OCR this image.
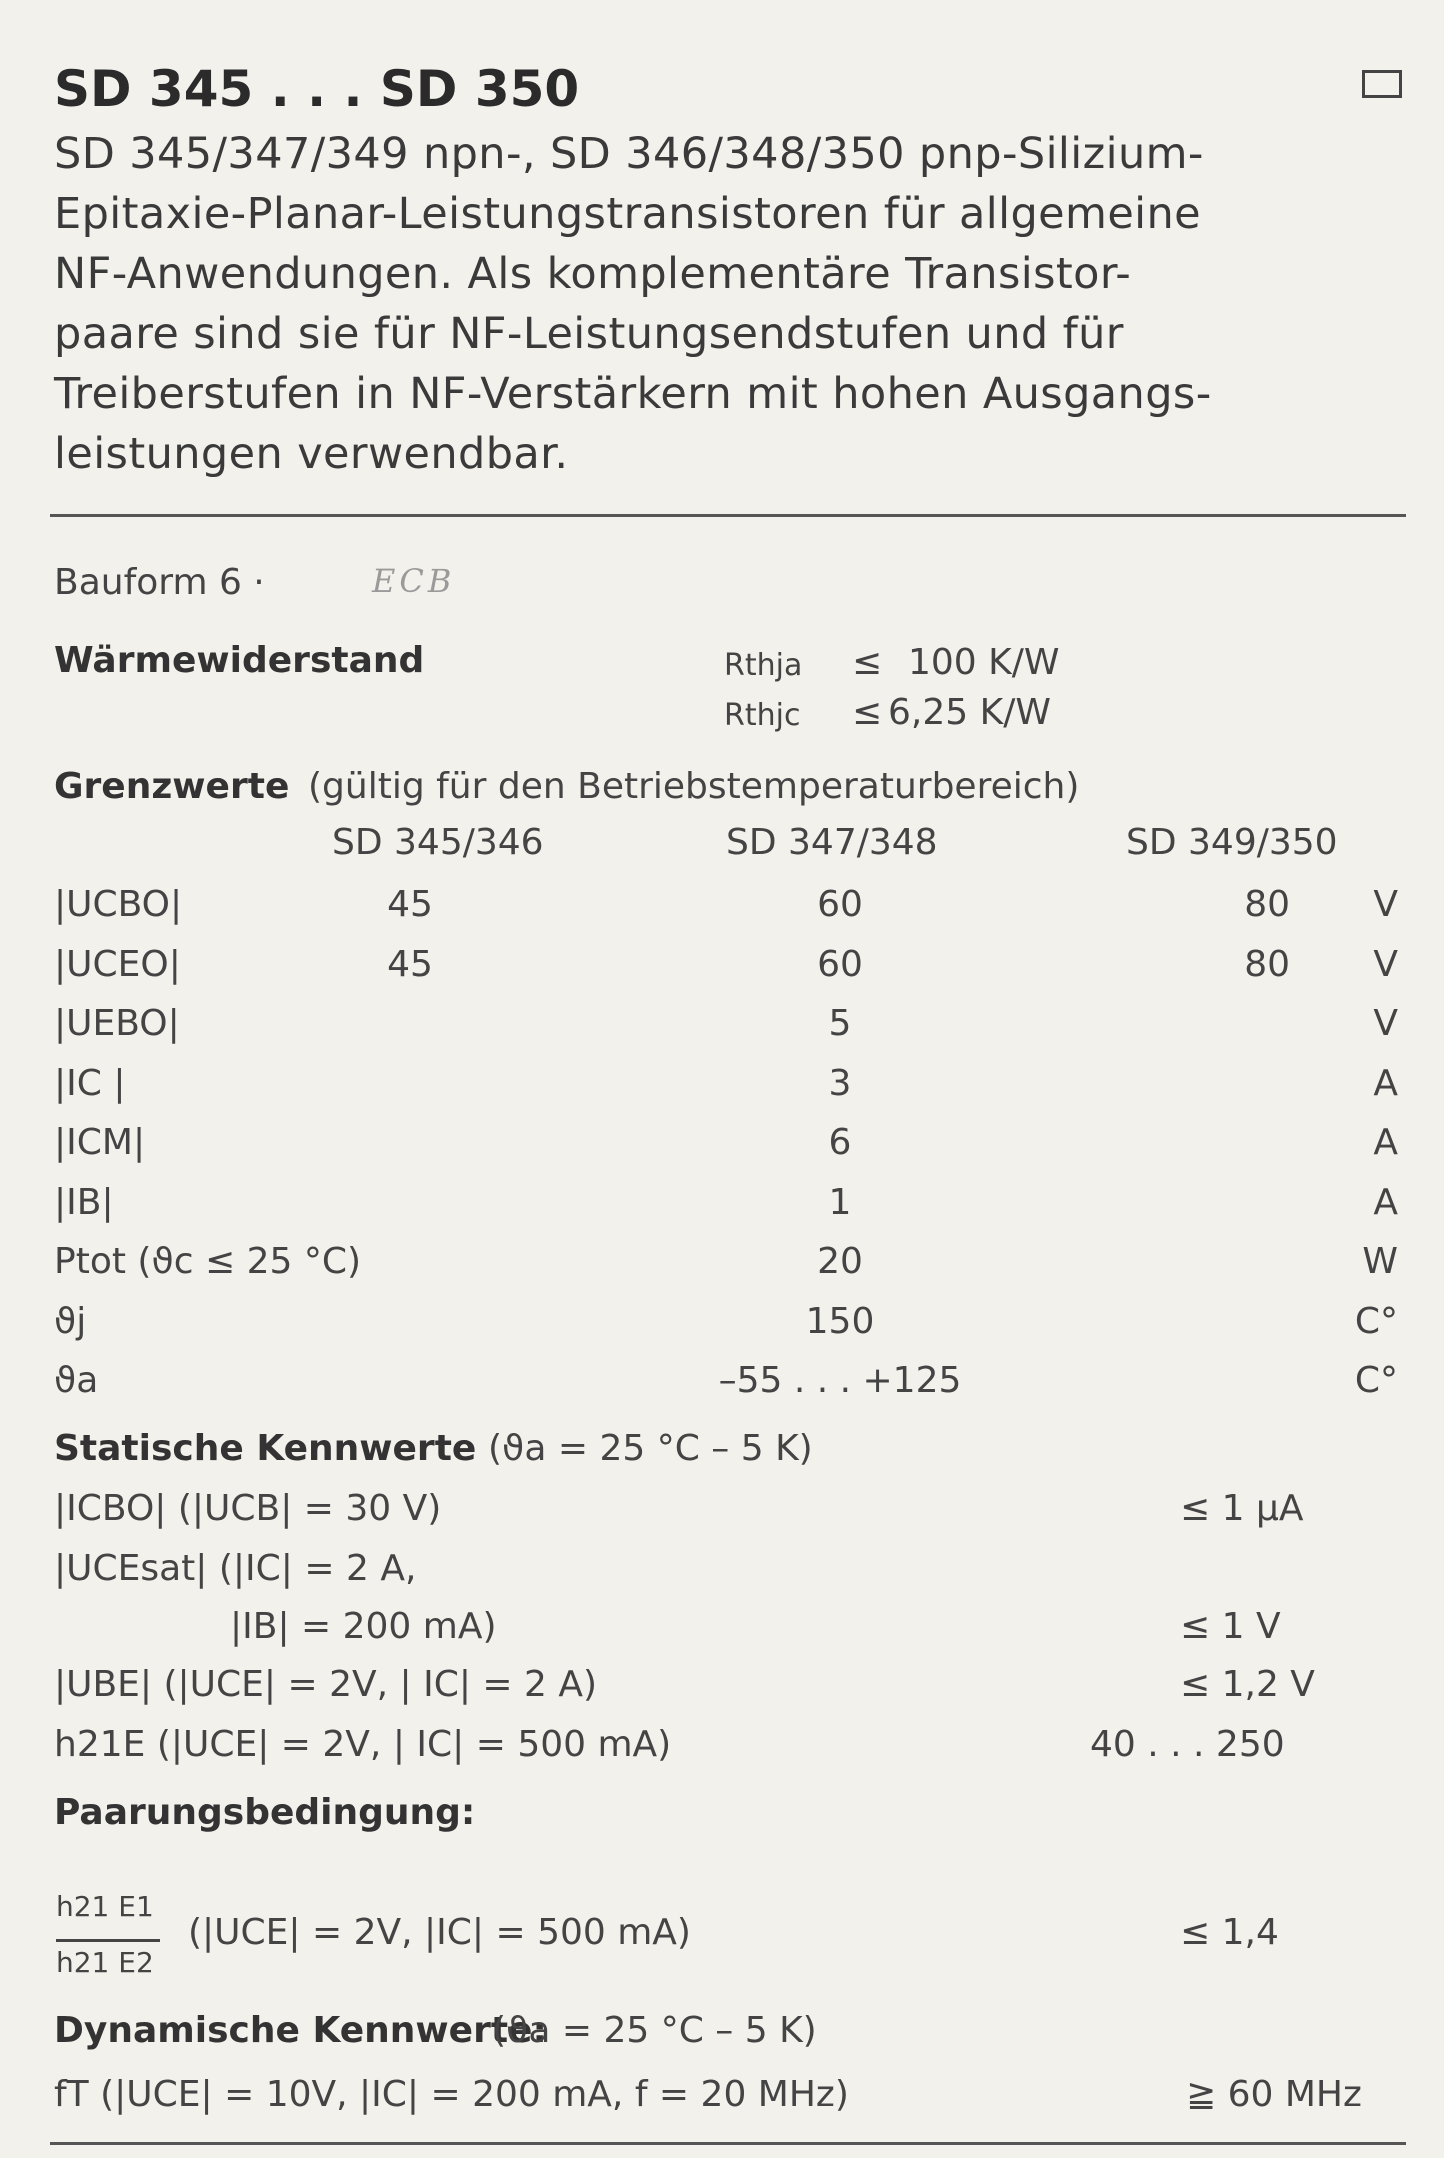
SD 345 . . . SD 350

SD 345/347/349 npn-, SD 346/348/350 pnp-Silizium-

Epitaxie-Planar-Leistungstransistoren für allgemeine

NF-Anwendungen. Als komplementäre Transistor-

paare sind sie für NF-Leistungsendstufen und für

Treiberstufen in NF-Verstärkern mit hohen Ausgangs-

leistungen verwendbar.

Bauform 6 ·	ECB
Wärmewiderstand	Rthja ≤ 100 K/W
Rthjc ≤ 6,25 K/W
Grenzwerte (gültig für den Betriebstemperaturbereich)
SD 345/346	SD 347/348	SD 349/350
|UCBO|	45	60	80	V
|UCEO|	45	60	80	V
|UEBO|	5	V
|IC |	3	A
|ICM|	6	A
|IB|	1	A
Ptot (ϑc ≤ 25 °C)	20	W
ϑj	150	C°
ϑa	–55 . . . +125	C°
Statische Kennwerte (ϑa = 25 °C – 5 K)
|ICBO| (|UCB| = 30 V)	≤ 1 μA
|UCEsat| (|IC| = 2 A,
|IB| = 200 mA)	≤ 1 V
|UBE| (|UCE| = 2V, | IC| = 2 A)	≤ 1,2 V
h21E (|UCE| = 2V, | IC| = 500 mA)	40 . . . 250
Paarungsbedingung:
h21 E1
h21 E2
(|UCE| = 2V, |IC| = 500 mA)	≤ 1,4
Dynamische Kennwerte:
(ϑa = 25 °C – 5 K)
fT (|UCE| = 10V, |IC| = 200 mA, f = 20 MHz)	≧ 60 MHz
